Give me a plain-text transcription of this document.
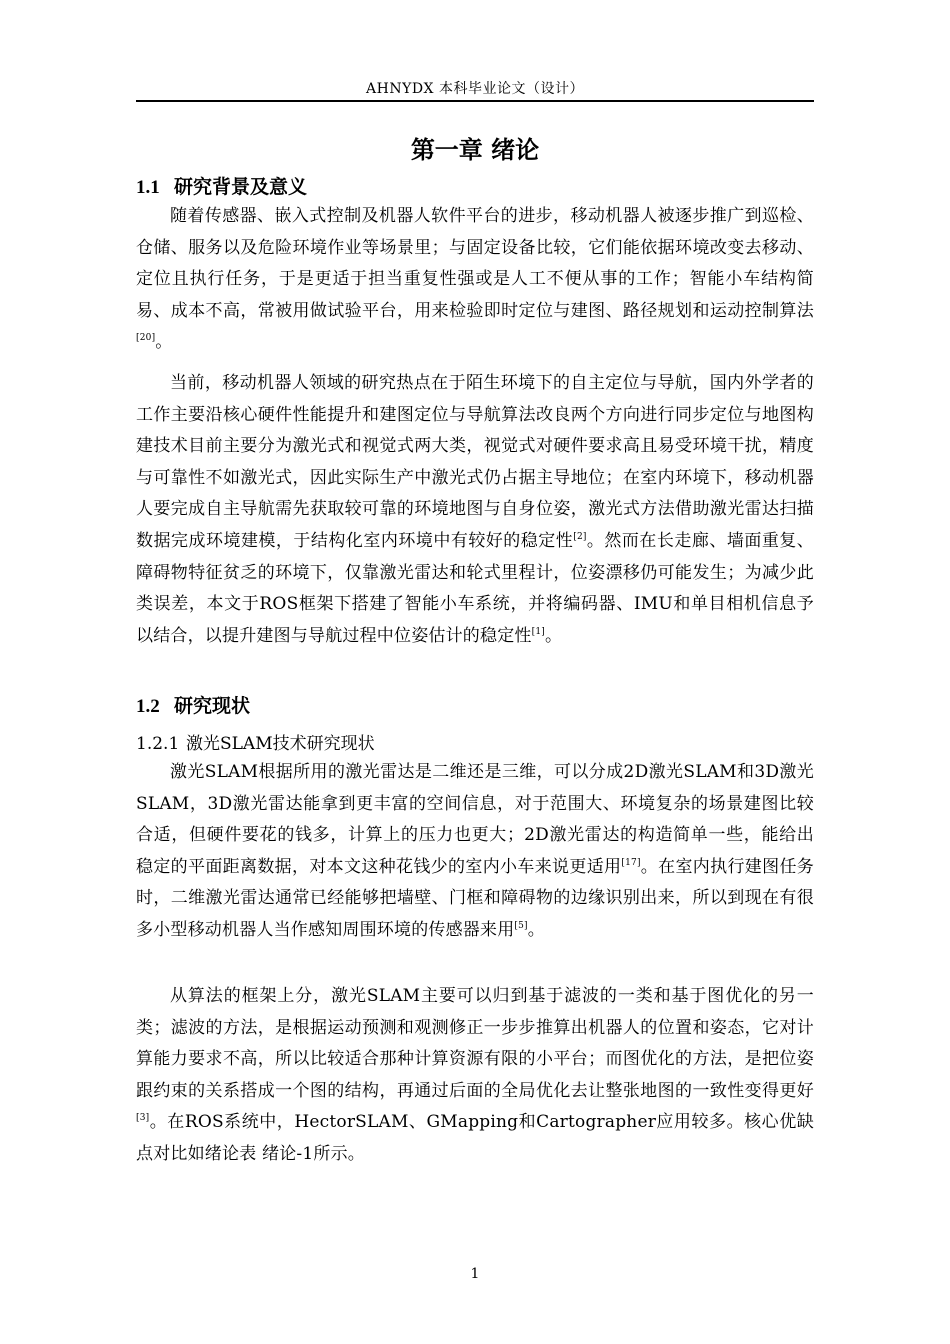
AHNYDX 本科毕业论文（设计）
第一章 绪论
1.1 研究背景及意义

随着传感器、嵌入式控制及机器人软件平台的进步，移动机器人被逐步推广到巡检、仓储、服务以及危险环境作业等场景里；与固定设备比较，它们能依据环境改变去移动、定位且执行任务，于是更适于担当重复性强或是人工不便从事的工作；智能小车结构简易、成本不高，常被用做试验平台，用来检验即时定位与建图、路径规划和运动控制算法[20]。

当前，移动机器人领域的研究热点在于陌生环境下的自主定位与导航，国内外学者的工作主要沿核心硬件性能提升和建图定位与导航算法改良两个方向进行同步定位与地图构建技术目前主要分为激光式和视觉式两大类，视觉式对硬件要求高且易受环境干扰，精度与可靠性不如激光式，因此实际生产中激光式仍占据主导地位；在室内环境下，移动机器人要完成自主导航需先获取较可靠的环境地图与自身位姿，激光式方法借助激光雷达扫描数据完成环境建模，于结构化室内环境中有较好的稳定性[2]。然而在长走廊、墙面重复、障碍物特征贫乏的环境下，仅靠激光雷达和轮式里程计，位姿漂移仍可能发生；为减少此类误差，本文于ROS框架下搭建了智能小车系统，并将编码器、IMU和单目相机信息予以结合，以提升建图与导航过程中位姿估计的稳定性[1]。

1.2 研究现状
1.2.1 激光SLAM技术研究现状

激光SLAM根据所用的激光雷达是二维还是三维，可以分成2D激光SLAM和3D激光SLAM，3D激光雷达能拿到更丰富的空间信息，对于范围大、环境复杂的场景建图比较合适，但硬件要花的钱多，计算上的压力也更大；2D激光雷达的构造简单一些，能给出稳定的平面距离数据，对本文这种花钱少的室内小车来说更适用[17]。在室内执行建图任务时，二维激光雷达通常已经能够把墙壁、门框和障碍物的边缘识别出来，所以到现在有很多小型移动机器人当作感知周围环境的传感器来用[5]。

从算法的框架上分，激光SLAM主要可以归到基于滤波的一类和基于图优化的另一类；滤波的方法，是根据运动预测和观测修正一步步推算出机器人的位置和姿态，它对计算能力要求不高，所以比较适合那种计算资源有限的小平台；而图优化的方法，是把位姿跟约束的关系搭成一个图的结构，再通过后面的全局优化去让整张地图的一致性变得更好[3]。在ROS系统中，HectorSLAM、GMapping和Cartographer应用较多。核心优缺点对比如绪论表 绪论-1所示。

1
